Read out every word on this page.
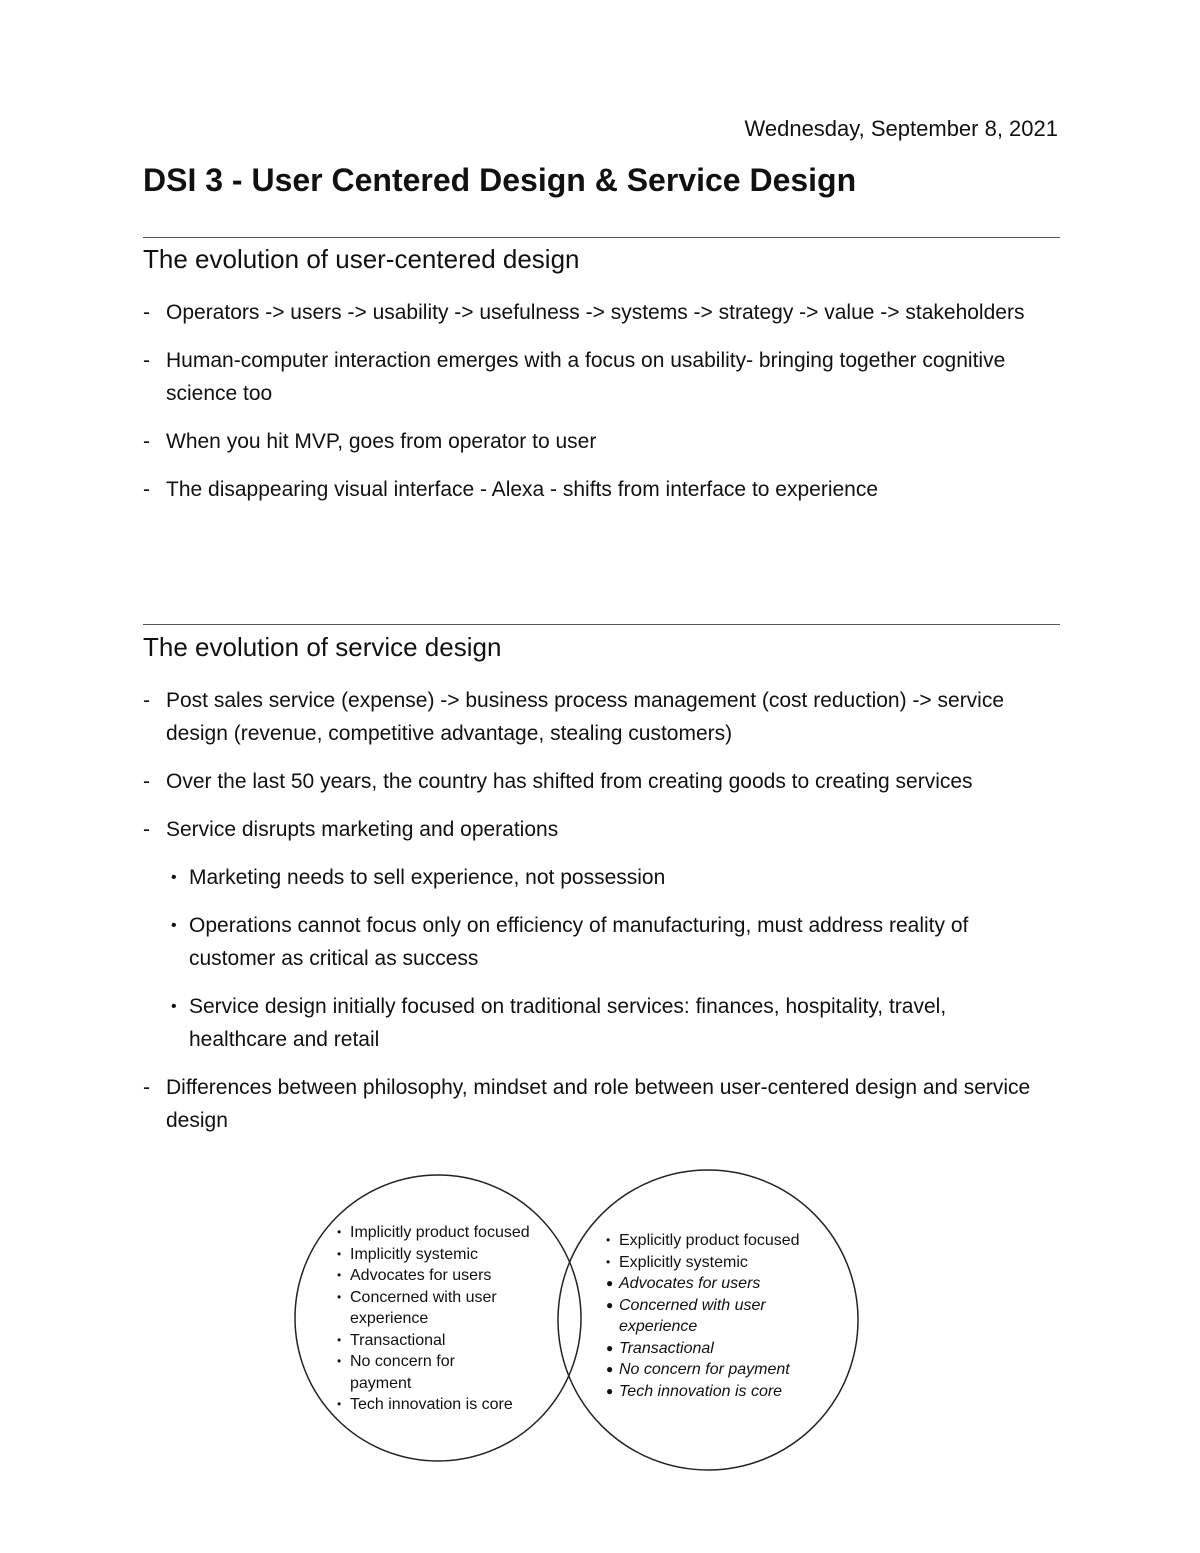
Wednesday, September 8, 2021
DSI 3 - User Centered Design & Service Design
The evolution of user-centered design
- Operators -> users -> usability -> usefulness -> systems -> strategy -> value -> stakeholders
- Human-computer interaction emerges with a focus on usability- bringing together cognitive science too
- When you hit MVP, goes from operator to user
- The disappearing visual interface - Alexa - shifts from interface to experience
The evolution of service design
- Post sales service (expense) -> business process management (cost reduction) -> service design (revenue, competitive advantage, stealing customers)
- Over the last 50 years, the country has shifted from creating goods to creating services
- Service disrupts marketing and operations
• Marketing needs to sell experience, not possession
• Operations cannot focus only on efficiency of manufacturing, must address reality of customer as critical as success
• Service design initially focused on traditional services: finances, hospitality, travel, healthcare and retail
- Differences between philosophy, mindset and role between user-centered design and service design
• Implicitly product focused
• Implicitly systemic
• Advocates for users
• Concerned with user experience
• Transactional
• No concern for payment
• Tech innovation is core
• Explicitly product focused
• Explicitly systemic
● Advocates for users
● Concerned with user experience
● Transactional
● No concern for payment
● Tech innovation is core
